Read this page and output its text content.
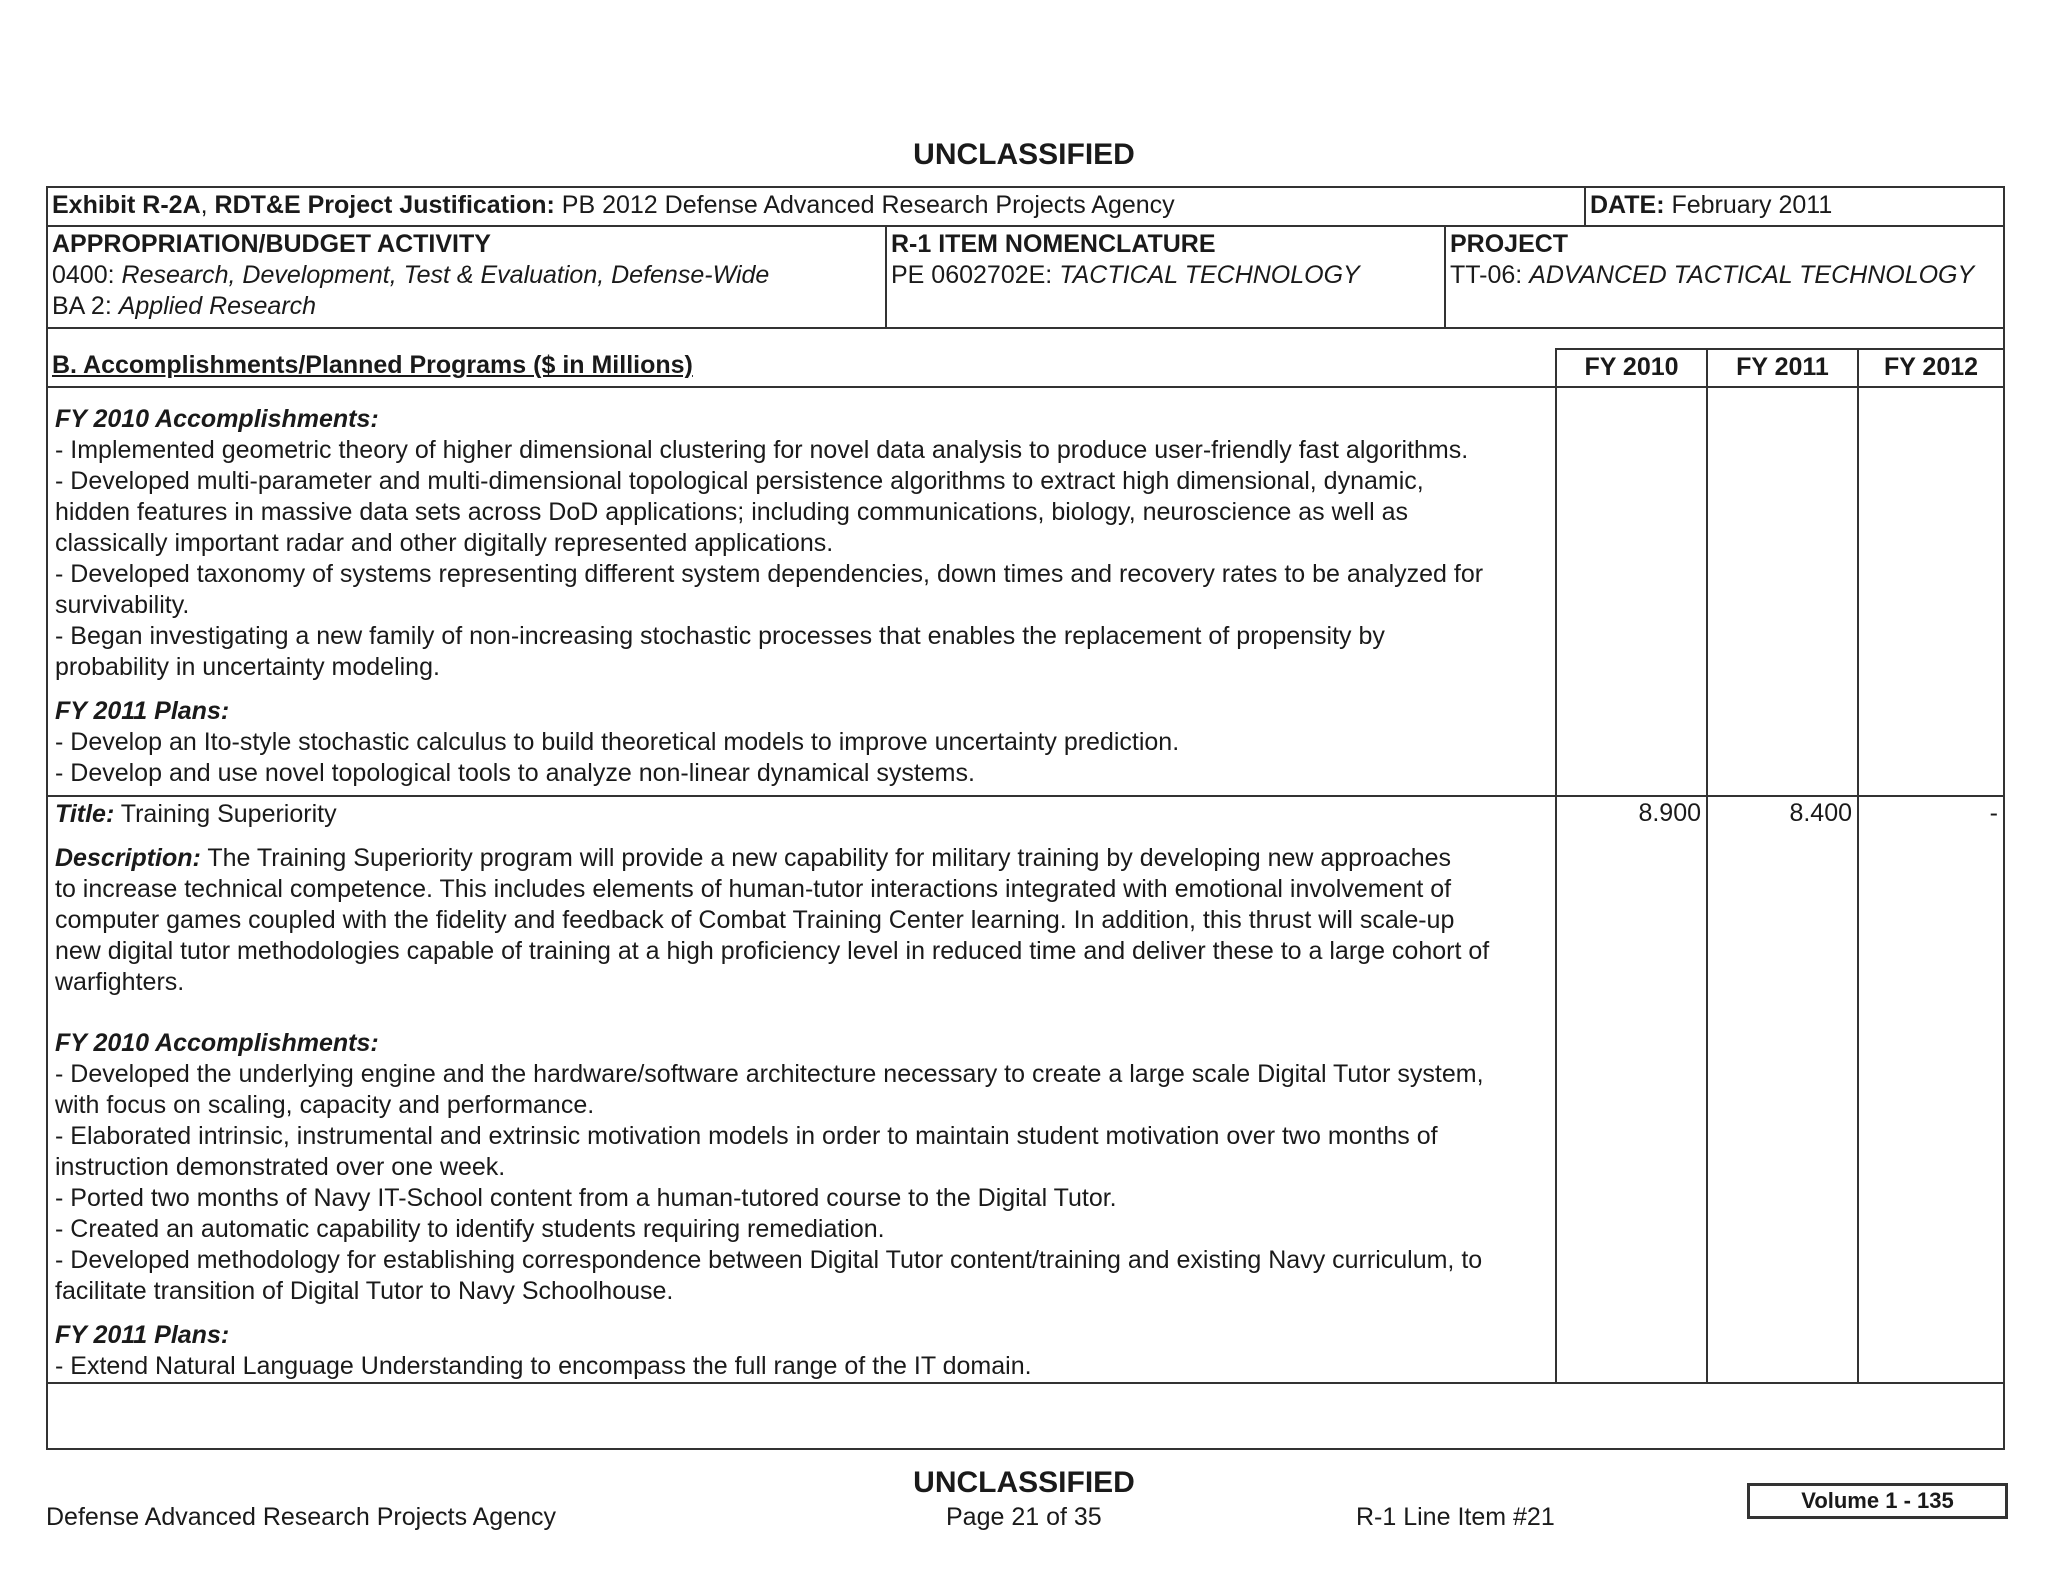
UNCLASSIFIED
Exhibit R-2A, RDT&E Project Justification: PB 2012 Defense Advanced Research Projects Agency	DATE: February 2011
APPROPRIATION/BUDGET ACTIVITY
0400: Research, Development, Test & Evaluation, Defense-Wide
BA 2: Applied Research
R-1 ITEM NOMENCLATURE
PE 0602702E: TACTICAL TECHNOLOGY
PROJECT
TT-06: ADVANCED TACTICAL TECHNOLOGY
B. Accomplishments/Planned Programs ($ in Millions)	FY 2010	FY 2011	FY 2012
FY 2010 Accomplishments:
- Implemented geometric theory of higher dimensional clustering for novel data analysis to produce user-friendly fast algorithms.
- Developed multi-parameter and multi-dimensional topological persistence algorithms to extract high dimensional, dynamic,
hidden features in massive data sets across DoD applications; including communications, biology, neuroscience as well as
classically important radar and other digitally represented applications.
- Developed taxonomy of systems representing different system dependencies, down times and recovery rates to be analyzed for
survivability.
- Began investigating a new family of non-increasing stochastic processes that enables the replacement of propensity by
probability in uncertainty modeling.
FY 2011 Plans:
- Develop an Ito-style stochastic calculus to build theoretical models to improve uncertainty prediction.
- Develop and use novel topological tools to analyze non-linear dynamical systems.
Title: Training Superiority	8.900	8.400	-
Description: The Training Superiority program will provide a new capability for military training by developing new approaches
to increase technical competence. This includes elements of human-tutor interactions integrated with emotional involvement of
computer games coupled with the fidelity and feedback of Combat Training Center learning. In addition, this thrust will scale-up
new digital tutor methodologies capable of training at a high proficiency level in reduced time and deliver these to a large cohort of
warfighters.
FY 2010 Accomplishments:
- Developed the underlying engine and the hardware/software architecture necessary to create a large scale Digital Tutor system,
with focus on scaling, capacity and performance.
- Elaborated intrinsic, instrumental and extrinsic motivation models in order to maintain student motivation over two months of
instruction demonstrated over one week.
- Ported two months of Navy IT-School content from a human-tutored course to the Digital Tutor.
- Created an automatic capability to identify students requiring remediation.
- Developed methodology for establishing correspondence between Digital Tutor content/training and existing Navy curriculum, to
facilitate transition of Digital Tutor to Navy Schoolhouse.
FY 2011 Plans:
- Extend Natural Language Understanding to encompass the full range of the IT domain.
UNCLASSIFIED
Defense Advanced Research Projects Agency	Page 21 of 35	R-1 Line Item #21
Volume 1 - 135
